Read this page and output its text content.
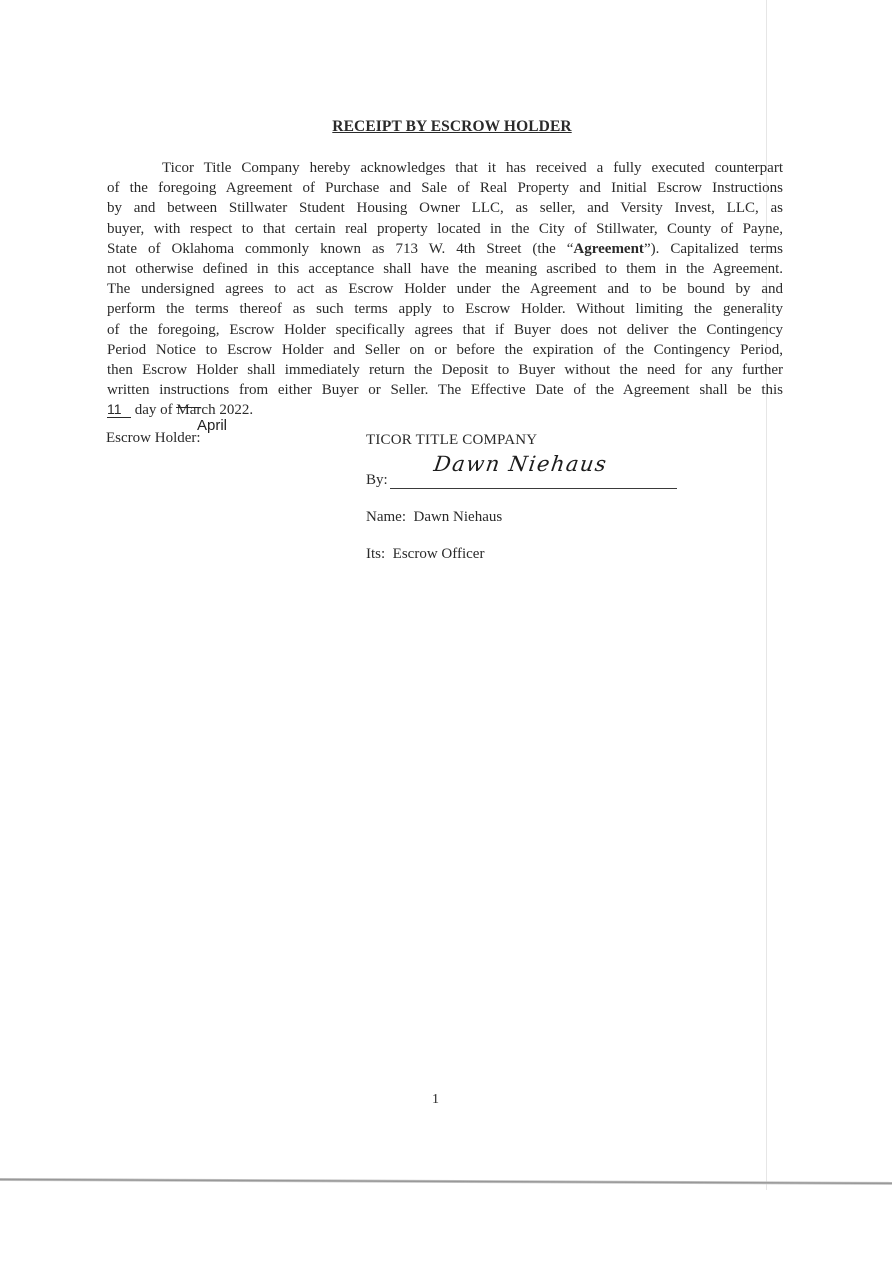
RECEIPT BY ESCROW HOLDER
Ticor Title Company hereby acknowledges that it has received a fully executed counterpart
of the foregoing Agreement of Purchase and Sale of Real Property and Initial Escrow Instructions
by and between Stillwater Student Housing Owner LLC, as seller, and Versity Invest, LLC, as
buyer, with respect to that certain real property located in the City of Stillwater, County of Payne,
State of Oklahoma commonly known as 713 W. 4th Street (the “Agreement”). Capitalized terms
not otherwise defined in this acceptance shall have the meaning ascribed to them in the Agreement.
The undersigned agrees to act as Escrow Holder under the Agreement and to be bound by and
perform the terms thereof as such terms apply to Escrow Holder. Without limiting the generality
of the foregoing, Escrow Holder specifically agrees that if Buyer does not deliver the Contingency
Period Notice to Escrow Holder and Seller on or before the expiration of the Contingency Period,
then Escrow Holder shall immediately return the Deposit to Buyer without the need for any further
written instructions from either Buyer or Seller. The Effective Date of the Agreement shall be this
11 day of March 2022.
April
Escrow Holder:	TICOR TITLE COMPANY
By:
Dawn Niehaus
Name: Dawn Niehaus
Its: Escrow Officer
1
